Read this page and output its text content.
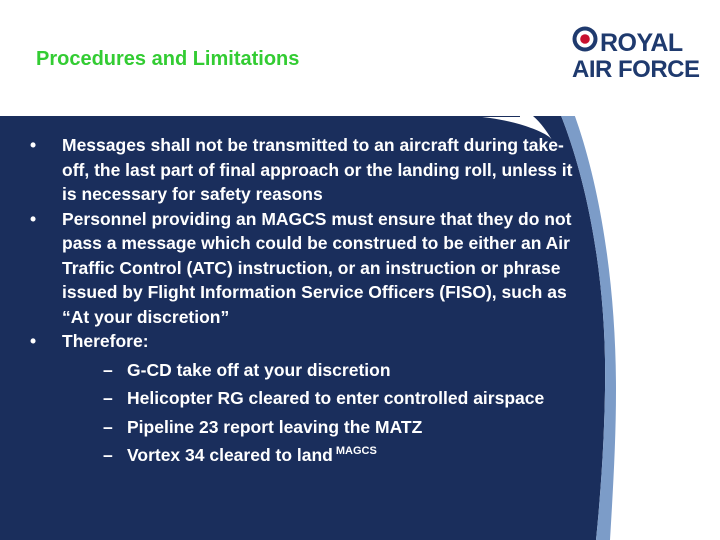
Procedures and Limitations
ROYAL
AIR FORCE
• Messages shall not be transmitted to an aircraft during take-off, the last part of final approach or the landing roll, unless it is necessary for safety reasons
• Personnel providing an MAGCS must ensure that they do not pass a message which could be construed to be either an Air Traffic Control (ATC) instruction, or an instruction or phrase issued by Flight Information Service Officers (FISO), such as “At your discretion”
• Therefore:
– G-CD take off at your discretion
– Helicopter RG cleared to enter controlled airspace
– Pipeline 23 report leaving the MATZ
– Vortex 34 cleared to land $^{MAGCS}$
